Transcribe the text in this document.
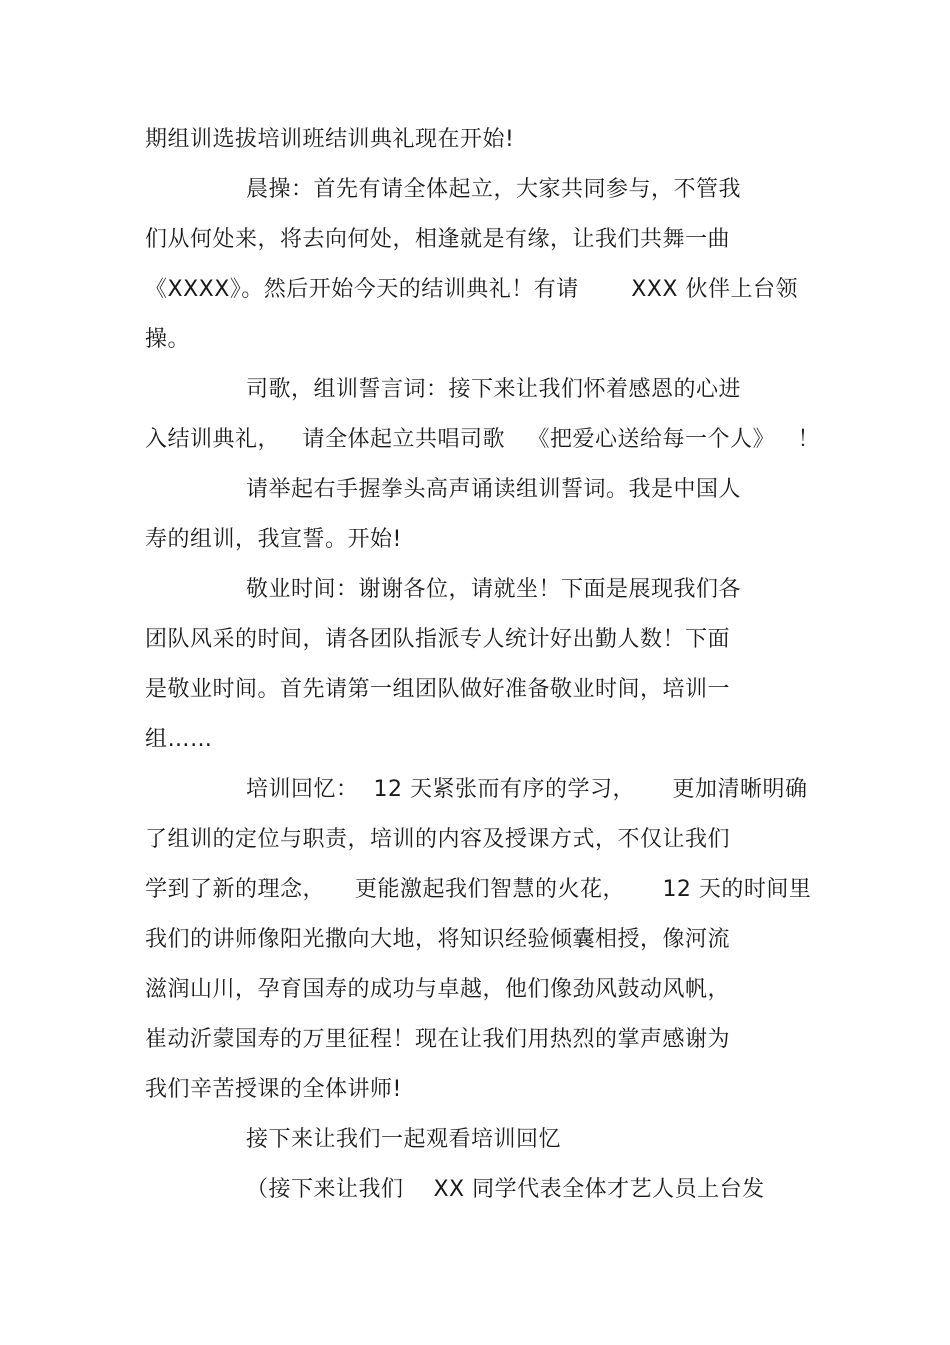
期组训选拔培训班结训典礼现在开始!
晨操：首先有请全体起立，大家共同参与，不管我
们从何处来，将去向何处，相逢就是有缘，让我们共舞一曲
《XXXX》。然后开始今天的结训典礼！有请       XXX 伙伴上台领
操。
司歌，组训誓言词：接下来让我们怀着感恩的心进
入结训典礼，   请全体起立共唱司歌   《把爱心送给每一个人》   ！
请举起右手握拳头高声诵读组训誓词。我是中国人
寿的组训，我宣誓。开始!
敬业时间：谢谢各位，请就坐！下面是展现我们各
团队风采的时间，请各团队指派专人统计好出勤人数！下面
是敬业时间。首先请第一组团队做好准备敬业时间，培训一
组……
培训回忆：  12 天紧张而有序的学习，     更加清晰明确
了组训的定位与职责，培训的内容及授课方式，不仅让我们
学到了新的理念，    更能激起我们智慧的火花，     12 天的时间里
我们的讲师像阳光撒向大地，将知识经验倾囊相授，像河流
滋润山川，孕育国寿的成功与卓越，他们像劲风鼓动风帆，
崔动沂蒙国寿的万里征程！现在让我们用热烈的掌声感谢为
我们辛苦授课的全体讲师!
接下来让我们一起观看培训回忆
（接下来让我们    XX 同学代表全体才艺人员上台发
